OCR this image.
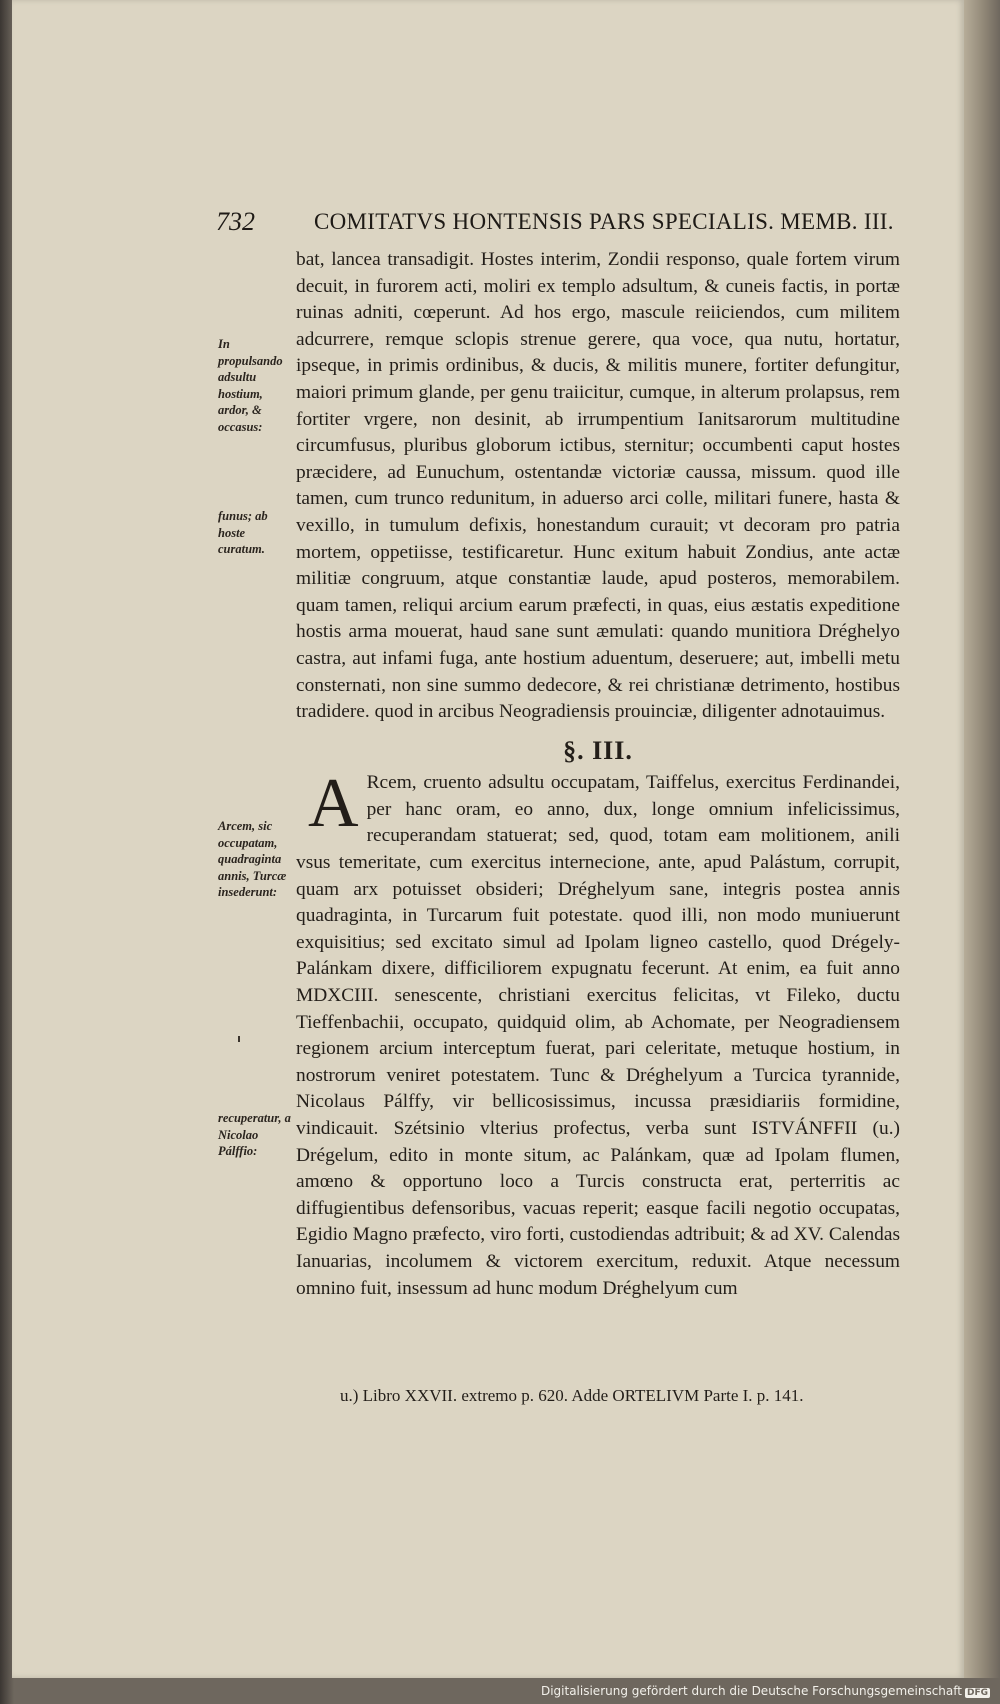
732	COMITATVS HONTENSIS PARS SPECIALIS. MEMB. III.
In propulsando adsultu hostium, ardor, & occasus:
funus; ab hoste curatum.
Arcem, sic occupatam, quadraginta annis, Turcæ insederunt:
recuperatur, a Nicolao Pálffio:

bat, lancea transadigit. Hostes interim, Zondii responso, quale fortem virum decuit, in furorem acti, moliri ex templo adsultum, & cuneis factis, in portæ ruinas adniti, cœperunt. Ad hos ergo, mascule reiiciendos, cum militem adcurrere, remque sclopis strenue gerere, qua voce, qua nutu, hortatur, ipseque, in primis ordinibus, & ducis, & militis munere, fortiter defungitur, maiori primum glande, per genu traiicitur, cumque, in alterum prolapsus, rem fortiter vrgere, non desinit, ab irrumpentium Ianitsarorum multitudine circumfusus, pluribus globorum ictibus, sternitur; occumbenti caput hostes præcidere, ad Eunuchum, ostentandæ victoriæ caussa, missum. quod ille tamen, cum trunco redunitum, in aduerso arci colle, militari funere, hasta & vexillo, in tumulum defixis, honestandum curauit; vt decoram pro patria mortem, oppetiisse, testificaretur. Hunc exitum habuit Zondius, ante actæ militiæ congruum, atque constantiæ laude, apud posteros, memorabilem. quam tamen, reliqui arcium earum præfecti, in quas, eius æstatis expeditione hostis arma mouerat, haud sane sunt æmulati: quando munitiora Dréghelyo castra, aut infami fuga, ante hostium aduentum, deseruere; aut, imbelli metu consternati, non sine summo dedecore, & rei christianæ detrimento, hostibus tradidere. quod in arcibus Neogradiensis prouinciæ, diligenter adnotauimus.

§. III.

A Rcem, cruento adsultu occupatam, Taiffelus, exercitus Ferdinandei, per hanc oram, eo anno, dux, longe omnium infelicissimus, recuperandam statuerat; sed, quod, totam eam molitionem, anili vsus temeritate, cum exercitus internecione, ante, apud Palástum, corrupit, quam arx potuisset obsideri; Dréghelyum sane, integris postea annis quadraginta, in Turcarum fuit potestate. quod illi, non modo muniuerunt exquisitius; sed excitato simul ad Ipolam ligneo castello, quod Drégely-Palánkam dixere, difficiliorem expugnatu fecerunt. At enim, ea fuit anno MDXCIII. senescente, christiani exercitus felicitas, vt Fileko, ductu Tieffenbachii, occupato, quidquid olim, ab Achomate, per Neogradiensem regionem arcium interceptum fuerat, pari celeritate, metuque hostium, in nostrorum veniret potestatem. Tunc & Dréghelyum a Turcica tyrannide, Nicolaus Pálffy, vir bellicosissimus, incussa præsidiariis formidine, vindicauit. Szétsinio vlterius profectus, verba sunt ISTVÁNFFII (u.) Drégelum, edito in monte situm, ac Palánkam, quæ ad Ipolam flumen, amœno & opportuno loco a Turcis constructa erat, perterritis ac diffugientibus defensoribus, vacuas reperit; easque facili negotio occupatas, Egidio Magno præfecto, viro forti, custodiendas adtribuit; & ad XV. Calendas Ianuarias, incolumem & victorem exercitum, reduxit. Atque necessum omnino fuit, insessum ad hunc modum Dréghelyum cum

u.) Libro XXVII. extremo p. 620. Adde ORTELIVM Parte I. p. 141.
Digitalisierung gefördert durch die Deutsche Forschungsgemeinschaft DFG
